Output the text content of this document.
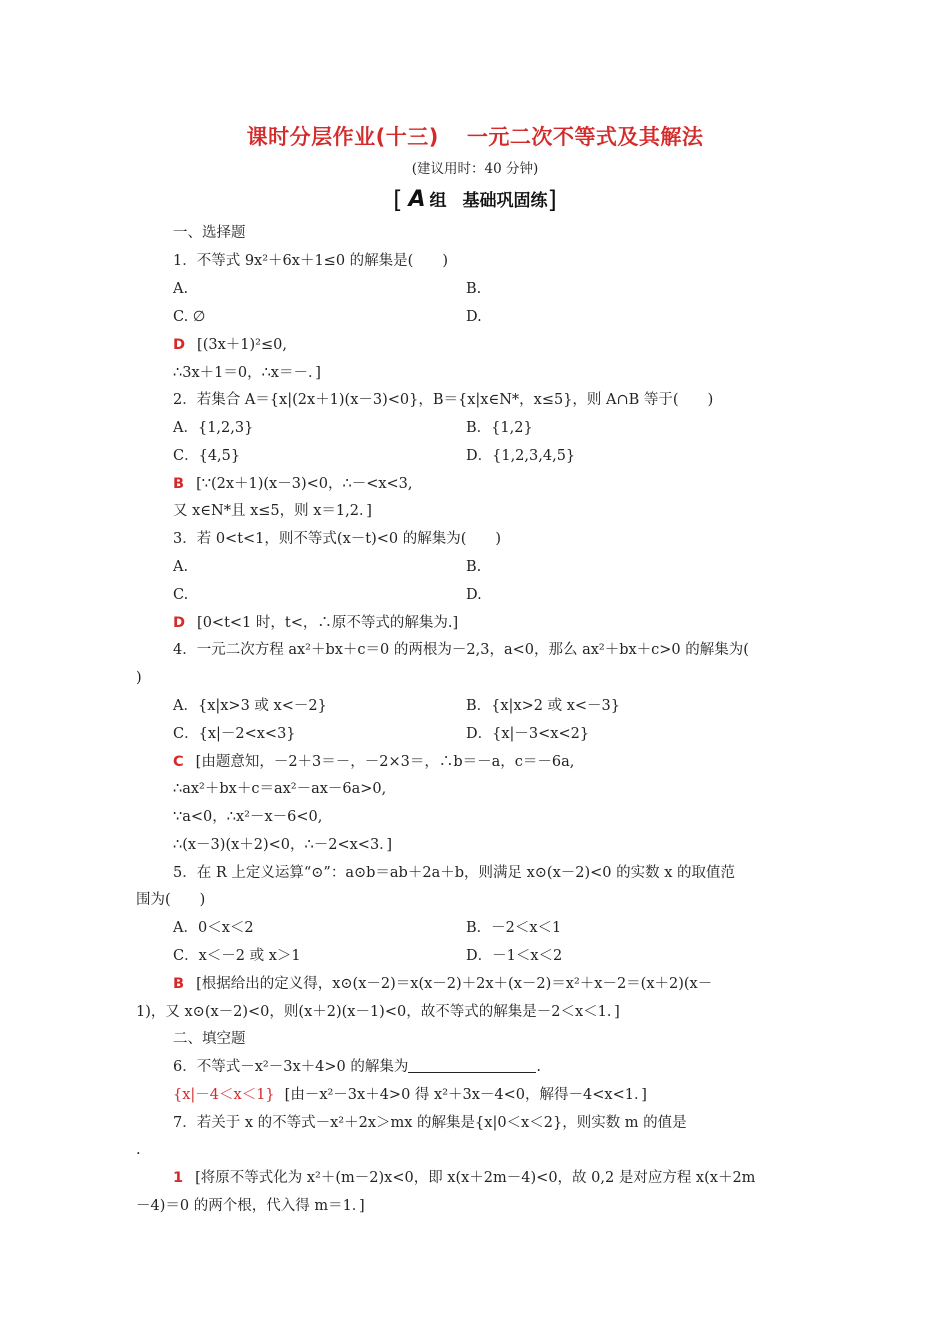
课时分层作业(十三) 一元二次不等式及其解法
(建议用时：40 分钟)
[ A 组 基础巩固练]
一、选择题
1．不等式 9x²＋6x＋1≤0 的解集是(　　)
A.	B.
C. ∅	D.
D [(3x＋1)²≤0,
∴3x＋1＝0，∴x＝－．]
2．若集合 A＝{x|(2x＋1)(x－3)<0}，B＝{x|x∈N*，x≤5}，则 A∩B 等于(　　)
A．{1,2,3}	B．{1,2}
C．{4,5}	D．{1,2,3,4,5}
B [∵(2x＋1)(x－3)<0，∴－<x<3,
又 x∈N*且 x≤5，则 x＝1,2．]
3．若 0<t<1，则不等式(x－t)<0 的解集为(　　)
A.	B.
C.	D.
D [0<t<1 时，t<，∴原不等式的解集为.]
4．一元二次方程 ax²＋bx＋c＝0 的两根为－2,3，a<0，那么 ax²＋bx＋c>0 的解集为(
)
A．{x|x>3 或 x<－2}	B．{x|x>2 或 x<－3}
C．{x|－2<x<3}	D．{x|－3<x<2}
C [由题意知，－2＋3＝－，－2×3＝，∴b＝－a，c＝－6a,
∴ax²＋bx＋c＝ax²－ax－6a>0,
∵a<0，∴x²－x－6<0,
∴(x－3)(x＋2)<0，∴－2<x<3．]
5．在 R 上定义运算“⊙”：a⊙b＝ab＋2a＋b，则满足 x⊙(x－2)<0 的实数 x 的取值范
围为(　　)
A．0＜x＜2	B．－2＜x＜1
C．x＜－2 或 x＞1	D．－1＜x＜2
B [根据给出的定义得，x⊙(x－2)＝x(x－2)＋2x＋(x－2)＝x²＋x－2＝(x＋2)(x－
1)，又 x⊙(x－2)<0，则(x＋2)(x－1)<0，故不等式的解集是－2＜x＜1．]
二、填空题
6．不等式－x²－3x＋4>0 的解集为	.
{x|－4＜x＜1} [由－x²－3x＋4>0 得 x²＋3x－4<0，解得－4<x<1．]
7．若关于 x 的不等式－x²＋2x＞mx 的解集是{x|0＜x＜2}，则实数 m 的值是
.
1 [将原不等式化为 x²＋(m－2)x<0，即 x(x＋2m－4)<0，故 0,2 是对应方程 x(x＋2m
－4)＝0 的两个根，代入得 m＝1．]
